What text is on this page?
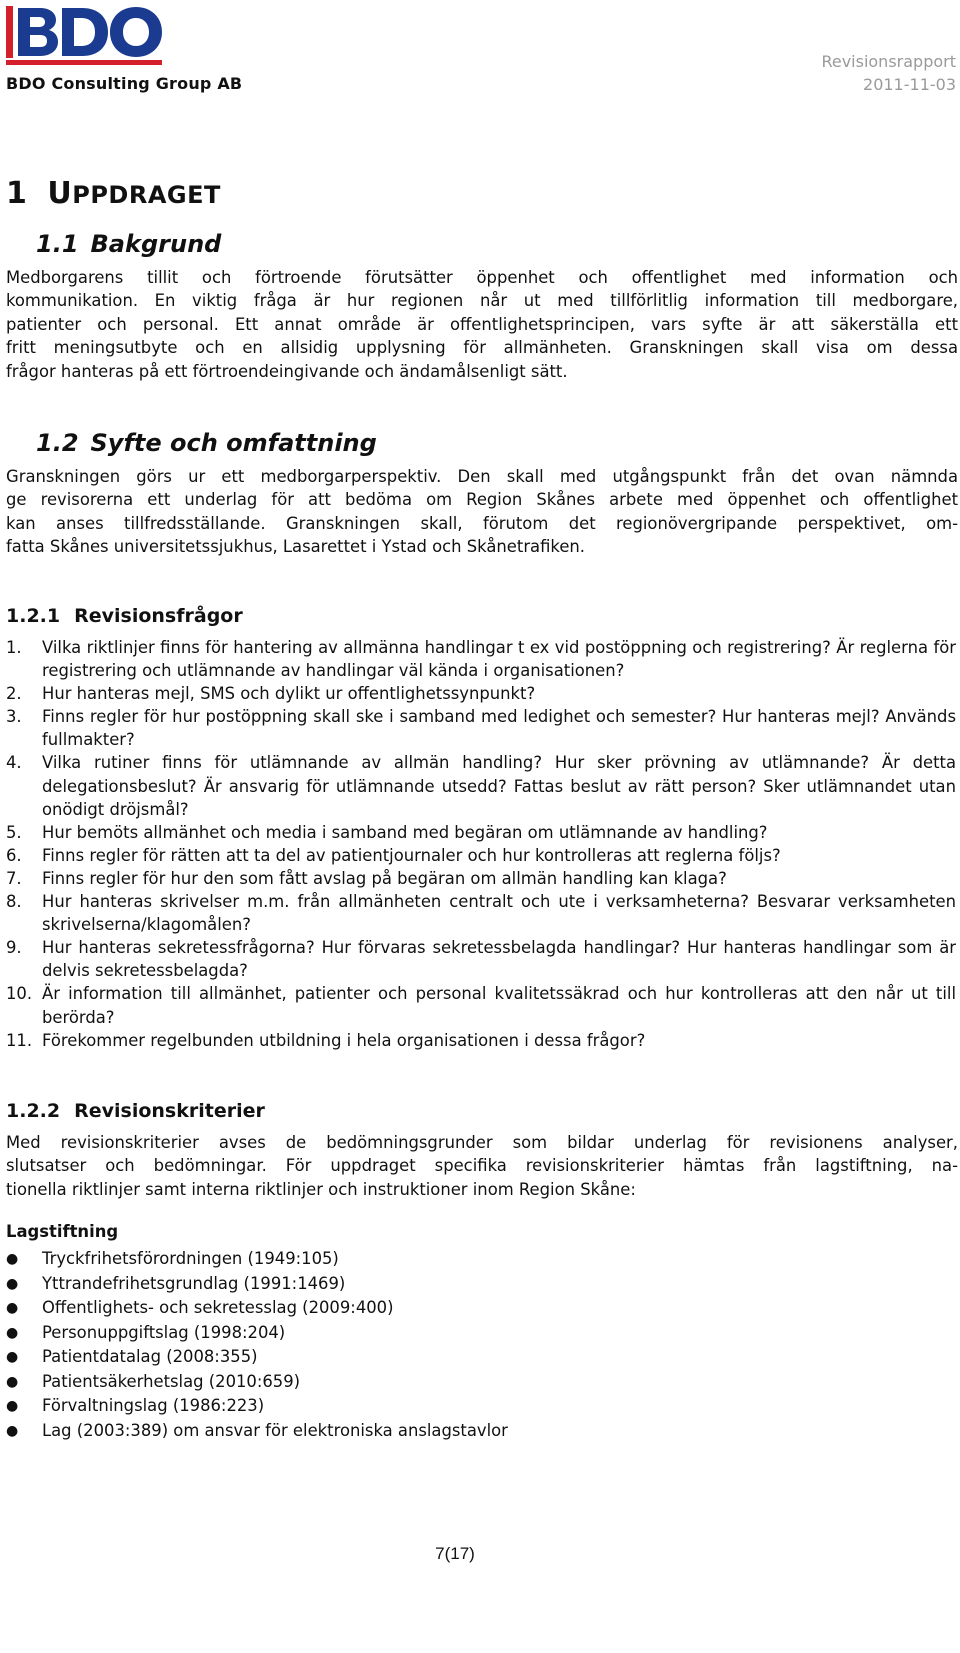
BDO Consulting Group AB
Revisionsrapport
2011-11-03
1 UPPDRAGET
1.1 Bakgrund
Medborgarens tillit och förtroende förutsätter öppenhet och offentlighet med information och
kommunikation. En viktig fråga är hur regionen når ut med tillförlitlig information till medborgare,
patienter och personal. Ett annat område är offentlighetsprincipen, vars syfte är att säkerställa ett
fritt meningsutbyte och en allsidig upplysning för allmänheten. Granskningen skall visa om dessa
frågor hanteras på ett förtroendeingivande och ändamålsenligt sätt.
1.2 Syfte och omfattning
Granskningen görs ur ett medborgarperspektiv. Den skall med utgångspunkt från det ovan nämnda
ge revisorerna ett underlag för att bedöma om Region Skånes arbete med öppenhet och offentlighet
kan anses tillfredsställande. Granskningen skall, förutom det regionövergripande perspektivet, om-
fatta Skånes universitetssjukhus, Lasarettet i Ystad och Skånetrafiken.
1.2.1 Revisionsfrågor
1. Vilka riktlinjer finns för hantering av allmänna handlingar t ex vid postöppning och registrering? Är reglerna för registrering och utlämnande av handlingar väl kända i organisationen?
2. Hur hanteras mejl, SMS och dylikt ur offentlighetssynpunkt?
3. Finns regler för hur postöppning skall ske i samband med ledighet och semester? Hur hanteras mejl? Används fullmakter?
4. Vilka rutiner finns för utlämnande av allmän handling? Hur sker prövning av utlämnande? Är detta delegationsbeslut? Är ansvarig för utlämnande utsedd? Fattas beslut av rätt person? Sker utlämnandet utan onödigt dröjsmål?
5. Hur bemöts allmänhet och media i samband med begäran om utlämnande av handling?
6. Finns regler för rätten att ta del av patientjournaler och hur kontrolleras att reglerna följs?
7. Finns regler för hur den som fått avslag på begäran om allmän handling kan klaga?
8. Hur hanteras skrivelser m.m. från allmänheten centralt och ute i verksamheterna? Besvarar verksamheten skrivelserna/klagomålen?
9. Hur hanteras sekretessfrågorna? Hur förvaras sekretessbelagda handlingar? Hur hanteras handlingar som är delvis sekretessbelagda?
10. Är information till allmänhet, patienter och personal kvalitetssäkrad och hur kontrolleras att den når ut till berörda?
11. Förekommer regelbunden utbildning i hela organisationen i dessa frågor?
1.2.2 Revisionskriterier
Med revisionskriterier avses de bedömningsgrunder som bildar underlag för revisionens analyser,
slutsatser och bedömningar. För uppdraget specifika revisionskriterier hämtas från lagstiftning, na-
tionella riktlinjer samt interna riktlinjer och instruktioner inom Region Skåne:
Lagstiftning
● Tryckfrihetsförordningen (1949:105)
● Yttrandefrihetsgrundlag (1991:1469)
● Offentlighets- och sekretesslag (2009:400)
● Personuppgiftslag (1998:204)
● Patientdatalag (2008:355)
● Patientsäkerhetslag (2010:659)
● Förvaltningslag (1986:223)
● Lag (2003:389) om ansvar för elektroniska anslagstavlor
7(17)
